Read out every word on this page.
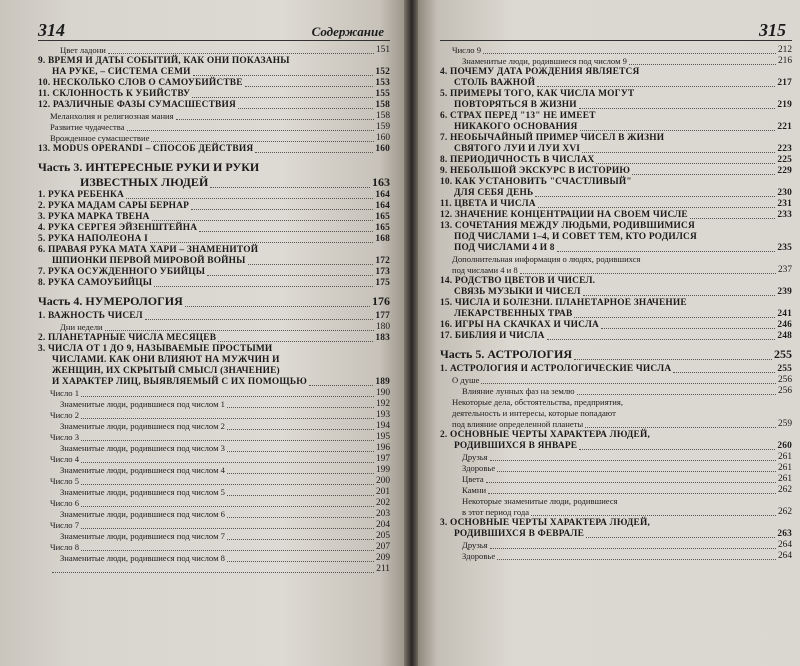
314	Содержание
Цвет ладони	151
9. ВРЕМЯ И ДАТЫ СОБЫТИЙ, КАК ОНИ ПОКАЗАНЫ
НА РУКЕ, – СИСТЕМА СЕМИ	152
10. НЕСКОЛЬКО СЛОВ О САМОУБИЙСТВЕ	153
11. СКЛОННОСТЬ К УБИЙСТВУ	155
12. РАЗЛИЧНЫЕ ФАЗЫ СУМАСШЕСТВИЯ	158
Меланхолия и религиозная мания	158
Развитие чудачества	159
Врожденное сумасшествие	160
13. MODUS OPERANDI – СПОСОБ ДЕЙСТВИЯ	160
Часть 3. ИНТЕРЕСНЫЕ РУКИ И РУКИ
ИЗВЕСТНЫХ ЛЮДЕЙ	163
1. РУКА РЕБЕНКА	164
2. РУКА МАДАМ САРЫ БЕРНАР	164
3. РУКА МАРКА ТВЕНА	165
4. РУКА СЕРГЕЯ ЭЙЗЕНШТЕЙНА	165
5. РУКА НАПОЛЕОНА I	168
6. ПРАВАЯ РУКА МАТА ХАРИ – ЗНАМЕНИТОЙ
ШПИОНКИ ПЕРВОЙ МИРОВОЙ ВОЙНЫ	172
7. РУКА ОСУЖДЕННОГО УБИЙЦЫ	173
8. РУКА САМОУБИЙЦЫ	175
Часть 4. НУМЕРОЛОГИЯ	176
1. ВАЖНОСТЬ ЧИСЕЛ	177
Дни недели	180
2. ПЛАНЕТАРНЫЕ ЧИСЛА МЕСЯЦЕВ	183
3. ЧИСЛА ОТ 1 ДО 9, НАЗЫВАЕМЫЕ ПРОСТЫМИ
ЧИСЛАМИ. КАК ОНИ ВЛИЯЮТ НА МУЖЧИН И
ЖЕНЩИН, ИХ СКРЫТЫЙ СМЫСЛ (ЗНАЧЕНИЕ)
И ХАРАКТЕР ЛИЦ, ВЫЯВЛЯЕМЫЙ С ИХ ПОМОЩЬЮ	189
Число 1	190
Знаменитые люди, родившиеся под числом 1	192
Число 2	193
Знаменитые люди, родившиеся под числом 2	194
Число 3	195
Знаменитые люди, родившиеся под числом 3	196
Число 4	197
Знаменитые люди, родившиеся под числом 4	199
Число 5	200
Знаменитые люди, родившиеся под числом 5	201
Число 6	202
Знаменитые люди, родившиеся под числом 6	203
Число 7	204
Знаменитые люди, родившиеся под числом 7	205
Число 8	207
Знаменитые люди, родившиеся под числом 8	209
211
315
Число 9	212
Знаменитые люди, родившиеся под числом 9	216
4. ПОЧЕМУ ДАТА РОЖДЕНИЯ ЯВЛЯЕТСЯ
СТОЛЬ ВАЖНОЙ	217
5. ПРИМЕРЫ ТОГО, КАК ЧИСЛА МОГУТ
ПОВТОРЯТЬСЯ В ЖИЗНИ	219
6. СТРАХ ПЕРЕД "13" НЕ ИМЕЕТ
НИКАКОГО ОСНОВАНИЯ	221
7. НЕОБЫЧАЙНЫЙ ПРИМЕР ЧИСЕЛ В ЖИЗНИ
СВЯТОГО ЛУИ И ЛУИ XVI	223
8. ПЕРИОДИЧНОСТЬ В ЧИСЛАХ	225
9. НЕБОЛЬШОЙ ЭКСКУРС В ИСТОРИЮ	229
10. КАК УСТАНОВИТЬ "СЧАСТЛИВЫЙ"
ДЛЯ СЕБЯ ДЕНЬ	230
11. ЦВЕТА И ЧИСЛА	231
12. ЗНАЧЕНИЕ КОНЦЕНТРАЦИИ НА СВОЕМ ЧИСЛЕ	233
13. СОЧЕТАНИЯ МЕЖДУ ЛЮДЬМИ, РОДИВШИМИСЯ
ПОД ЧИСЛАМИ 1–4, И СОВЕТ ТЕМ, КТО РОДИЛСЯ
ПОД ЧИСЛАМИ 4 И 8	235
Дополнительная информация о людях, родившихся
под числами 4 и 8	237
14. РОДСТВО ЦВЕТОВ И ЧИСЕЛ.
СВЯЗЬ МУЗЫКИ И ЧИСЕЛ	239
15. ЧИСЛА И БОЛЕЗНИ. ПЛАНЕТАРНОЕ ЗНАЧЕНИЕ
ЛЕКАРСТВЕННЫХ ТРАВ	241
16. ИГРЫ НА СКАЧКАХ И ЧИСЛА	246
17. БИБЛИЯ И ЧИСЛА	248
Часть 5. АСТРОЛОГИЯ	255
1. АСТРОЛОГИЯ И АСТРОЛОГИЧЕСКИЕ ЧИСЛА	255
О душе	256
Влияние лунных фаз на землю	256
Некоторые дела, обстоятельства, предприятия,
деятельность и интересы, которые попадают
под влияние определенной планеты	259
2. ОСНОВНЫЕ ЧЕРТЫ ХАРАКТЕРА ЛЮДЕЙ,
РОДИВШИХСЯ В ЯНВАРЕ	260
Друзья	261
Здоровье	261
Цвета	261
Камни	262
Некоторые знаменитые люди, родившиеся
в этот период года	262
3. ОСНОВНЫЕ ЧЕРТЫ ХАРАКТЕРА ЛЮДЕЙ,
РОДИВШИХСЯ В ФЕВРАЛЕ	263
Друзья	264
Здоровье	264
